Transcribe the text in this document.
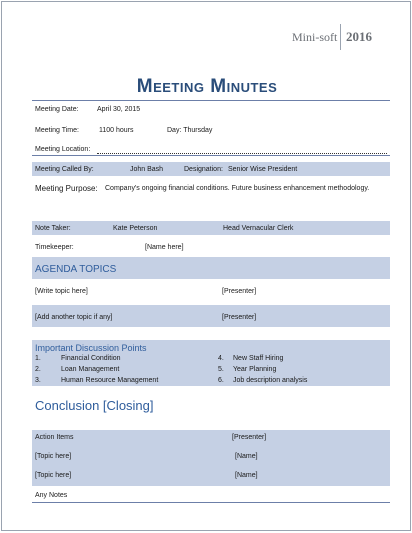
Mini-soft 2016
Meeting Minutes
Meeting Date:	April 30, 2015
Meeting Time:	1100 hours	Day: Thursday
Meeting Location:
Meeting Called By:	John Bash	Designation: Senior Wise President
Meeting Purpose: Company's ongoing financial conditions. Future business enhancement methodology.
Note Taker:	Kate Peterson	Head Vernacular Clerk
Timekeeper:	[Name here]
AGENDA TOPICS
[Write topic here]	[Presenter]
[Add another topic if any]	[Presenter]
Important Discussion Points
1.	Financial Condition
2.	Loan Management
3.	Human Resource Management
4. New Staff Hiring
5. Year Planning
6. Job description analysis
Conclusion [Closing]
Action Items	[Presenter]
[Topic here]	[Name]
[Topic here]	[Name]
Any Notes
